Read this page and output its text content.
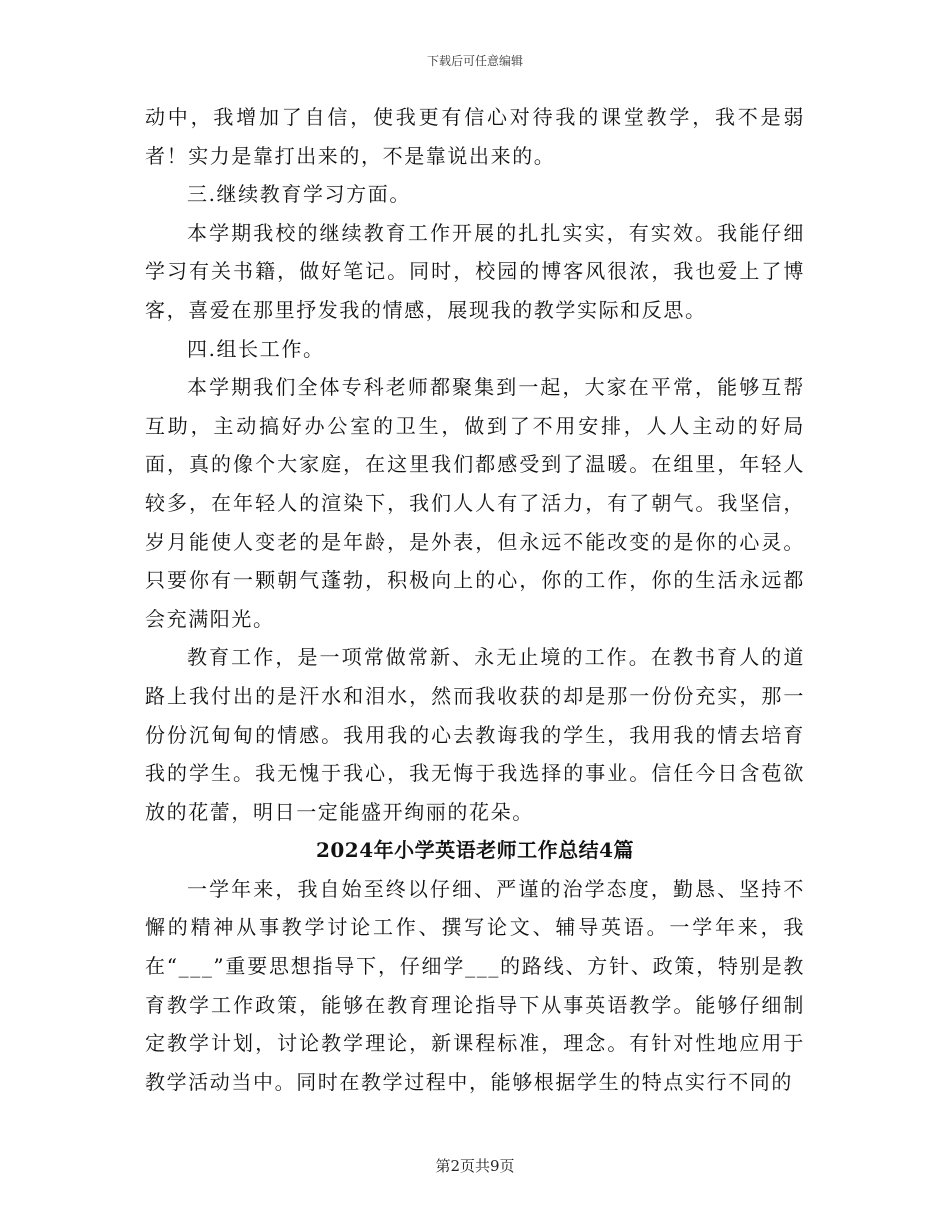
下载后可任意编辑

动中，我增加了自信，使我更有信心对待我的课堂教学，我不是弱者！实力是靠打出来的，不是靠说出来的。

三.继续教育学习方面。

本学期我校的继续教育工作开展的扎扎实实，有实效。我能仔细学习有关书籍，做好笔记。同时，校园的博客风很浓，我也爱上了博客，喜爱在那里抒发我的情感，展现我的教学实际和反思。

四.组长工作。

本学期我们全体专科老师都聚集到一起，大家在平常，能够互帮互助，主动搞好办公室的卫生，做到了不用安排，人人主动的好局面，真的像个大家庭，在这里我们都感受到了温暖。在组里，年轻人较多，在年轻人的渲染下，我们人人有了活力，有了朝气。我坚信，岁月能使人变老的是年龄，是外表，但永远不能改变的是你的心灵。只要你有一颗朝气蓬勃，积极向上的心，你的工作，你的生活永远都会充满阳光。

教育工作，是一项常做常新、永无止境的工作。在教书育人的道路上我付出的是汗水和泪水，然而我收获的却是那一份份充实，那一份份沉甸甸的情感。我用我的心去教诲我的学生，我用我的情去培育我的学生。我无愧于我心，我无悔于我选择的事业。信任今日含苞欲放的花蕾，明日一定能盛开绚丽的花朵。

2024年小学英语老师工作总结4篇

一学年来，我自始至终以仔细、严谨的治学态度，勤恳、坚持不懈的精神从事教学讨论工作、撰写论文、辅导英语。一学年来，我在“___”重要思想指导下，仔细学___的路线、方针、政策，特别是教育教学工作政策，能够在教育理论指导下从事英语教学。能够仔细制定教学计划，讨论教学理论，新课程标准，理念。有针对性地应用于教学活动当中。同时在教学过程中，能够根据学生的特点实行不同的

第2页共9页
